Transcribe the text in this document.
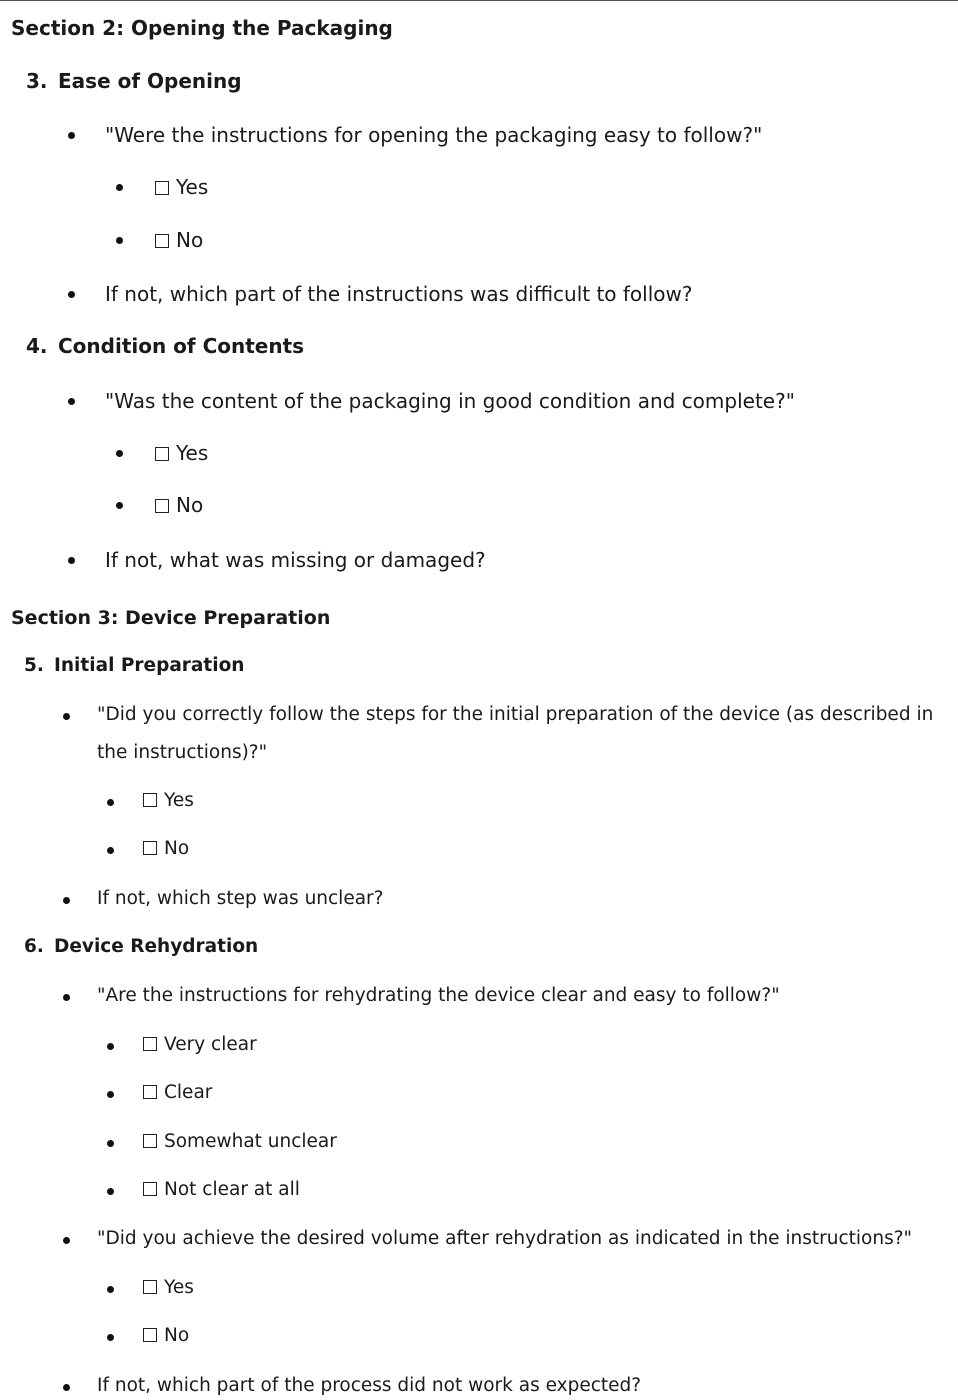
Section 2: Opening the Packaging
3. Ease of Opening
"Were the instructions for opening the packaging easy to follow?"
Yes
No
If not, which part of the instructions was difficult to follow?
4. Condition of Contents
"Was the content of the packaging in good condition and complete?"
Yes
No
If not, what was missing or damaged?
Section 3: Device Preparation
5. Initial Preparation
"Did you correctly follow the steps for the initial preparation of the device (as described in
the instructions)?"
Yes
No
If not, which step was unclear?
6. Device Rehydration
"Are the instructions for rehydrating the device clear and easy to follow?"
Very clear
Clear
Somewhat unclear
Not clear at all
"Did you achieve the desired volume after rehydration as indicated in the instructions?"
Yes
No
If not, which part of the process did not work as expected?
